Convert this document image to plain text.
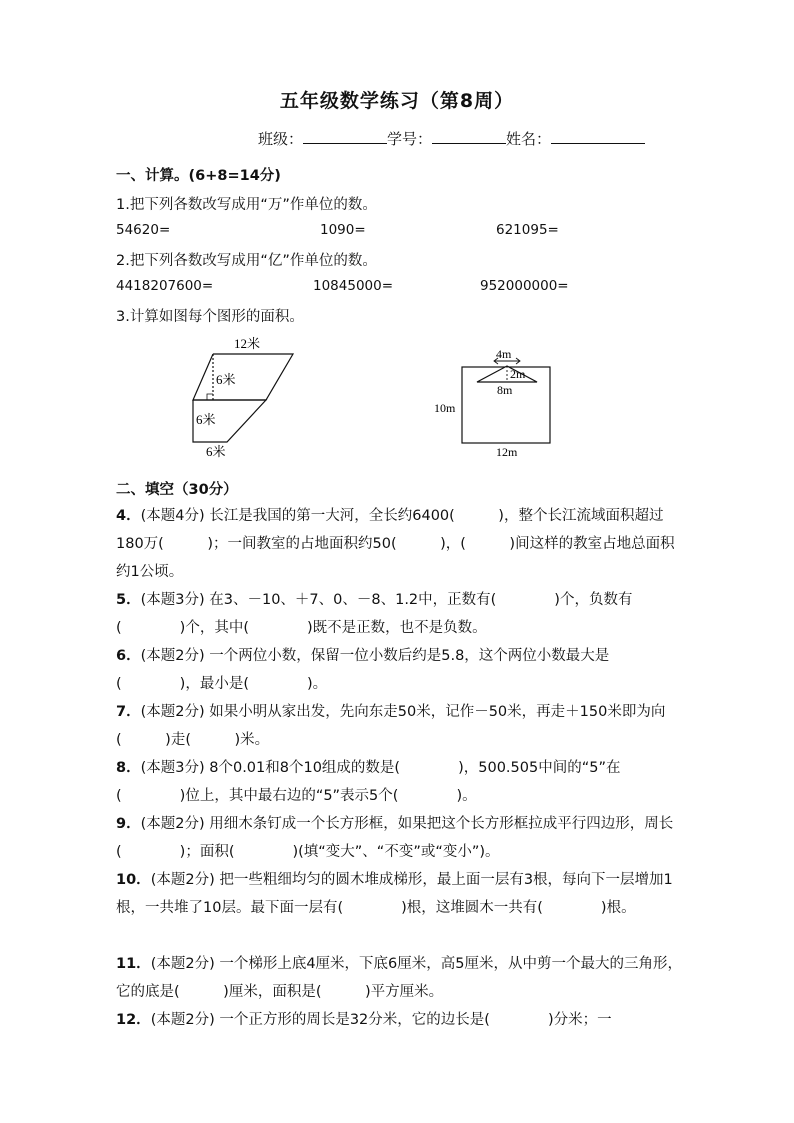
五年级数学练习（第8周）
班级：	学号：	姓名：
一、计算。(6+8=14分)
1.把下列各数改写成用“万”作单位的数。
54620=	1090=	621095=
2.把下列各数改写成用“亿”作单位的数。
4418207600=	10845000=	952000000=
3.计算如图每个图形的面积。
12米
6米
6米
6米
4m
2m
8m
10m
12m
二、填空（30分）
4．(本题4分) 长江是我国的第一大河，全长约6400(　　　)，整个长江流域面积超过180万(　　　)；一间教室的占地面积约50(　　　)，(　　　)间这样的教室占地总面积约1公顷。
5．(本题3分) 在3、－10、＋7、0、－8、1.2中，正数有(　　　　)个，负数有(　　　　)个，其中(　　　　)既不是正数，也不是负数。
6．(本题2分) 一个两位小数，保留一位小数后约是5.8，这个两位小数最大是(　　　　)，最小是(　　　　)。
7．(本题2分) 如果小明从家出发，先向东走50米，记作－50米，再走＋150米即为向(　　　)走(　　　)米。
8．(本题3分) 8个0.01和8个10组成的数是(　　　　)，500.505中间的“5”在(　　　　)位上，其中最右边的“5”表示5个(　　　　)。
9．(本题2分) 用细木条钉成一个长方形框，如果把这个长方形框拉成平行四边形，周长(　　　　)；面积(　　　　)(填“变大”、“不变”或“变小”)。
10．(本题2分) 把一些粗细均匀的圆木堆成梯形，最上面一层有3根，每向下一层增加1根，一共堆了10层。最下面一层有(　　　　)根，这堆圆木一共有(　　　　)根。
11．(本题2分) 一个梯形上底4厘米，下底6厘米，高5厘米，从中剪一个最大的三角形，它的底是(　　　)厘米，面积是(　　　)平方厘米。
12．(本题2分) 一个正方形的周长是32分米，它的边长是(　　　　)分米；一
